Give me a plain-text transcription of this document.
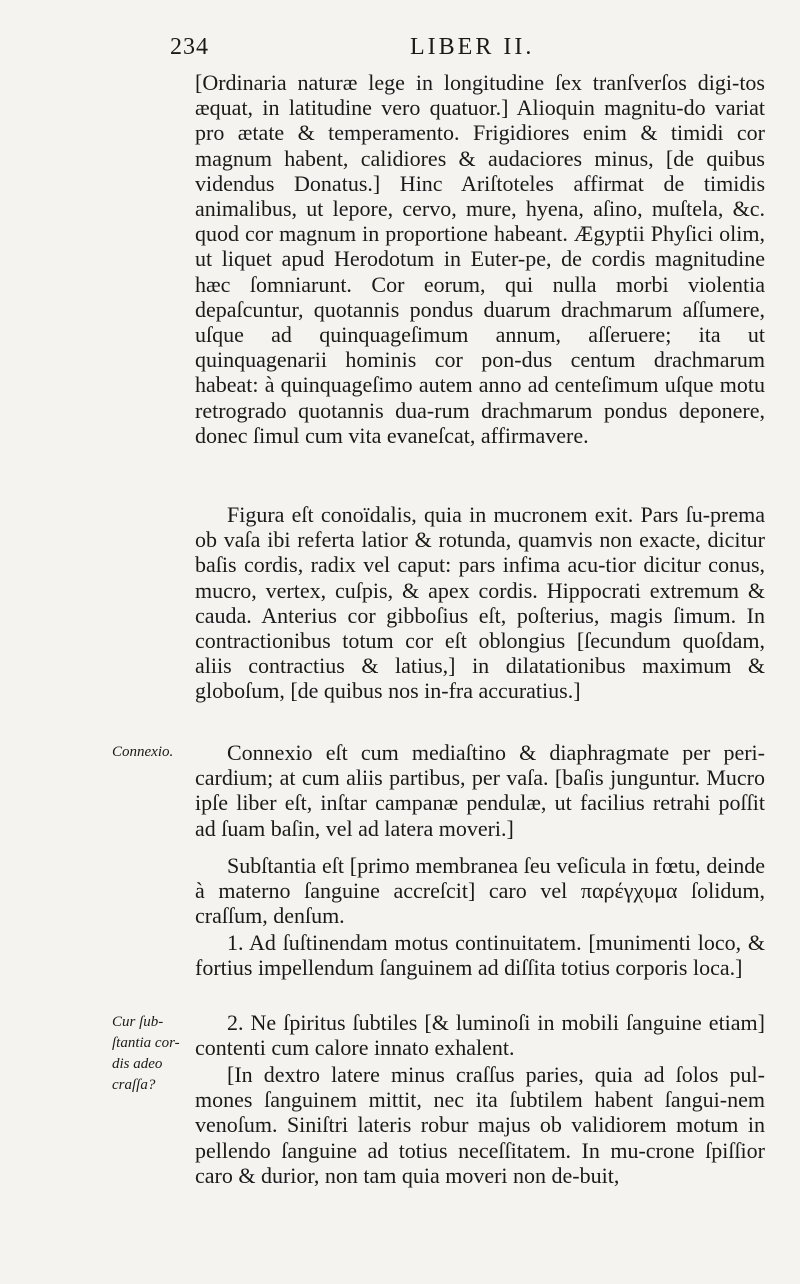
234	LIBER II.

[Ordinaria naturæ lege in longitudine ſex tranſverſos digi-tos æquat, in latitudine vero quatuor.] Alioquin magnitu-do variat pro ætate & temperamento. Frigidiores enim & timidi cor magnum habent, calidiores & audaciores minus, [de quibus videndus Donatus.] Hinc Ariſtoteles affirmat de timidis animalibus, ut lepore, cervo, mure, hyena, aſino, muſtela, &c. quod cor magnum in proportione habeant. Ægyptii Phyſici olim, ut liquet apud Herodotum in Euter-pe, de cordis magnitudine hæc ſomniarunt. Cor eorum, qui nulla morbi violentia depaſcuntur, quotannis pondus duarum drachmarum aſſumere, uſque ad quinquageſimum annum, aſſeruere; ita ut quinquagenarii hominis cor pon-dus centum drachmarum habeat: à quinquageſimo autem anno ad centeſimum uſque motu retrogrado quotannis dua-rum drachmarum pondus deponere, donec ſimul cum vita evaneſcat, affirmavere.

Figura eſt conoïdalis, quia in mucronem exit. Pars ſu-prema ob vaſa ibi referta latior & rotunda, quamvis non exacte, dicitur baſis cordis, radix vel caput: pars infima acu-tior dicitur conus, mucro, vertex, cuſpis, & apex cordis. Hippocrati extremum & cauda. Anterius cor gibboſius eſt, poſterius, magis ſimum. In contractionibus totum cor eſt oblongius [ſecundum quoſdam, aliis contractius & latius,] in dilatationibus maximum & globoſum, [de quibus nos in-fra accuratius.]

Connexio.	Connexio eſt cum mediaſtino & diaphragmate per peri-cardium; at cum aliis partibus, per vaſa. [baſis junguntur. Mucro ipſe liber eſt, inſtar campanæ pendulæ, ut facilius retrahi poſſit ad ſuam baſin, vel ad latera moveri.]

Subſtantia eſt [primo membranea ſeu veſicula in fœtu, deinde à materno ſanguine accreſcit] caro vel παρέγχυμα ſolidum, craſſum, denſum.

1. Ad ſuſtinendam motus continuitatem. [munimenti loco, & fortius impellendum ſanguinem ad diſſita totius corporis loca.]

Cur ſub-
ſtantia cor-
dis adeo
craſſa?

2. Ne ſpiritus ſubtiles [& luminoſi in mobili ſanguine etiam] contenti cum calore innato exhalent.

[In dextro latere minus craſſus paries, quia ad ſolos pul-mones ſanguinem mittit, nec ita ſubtilem habent ſangui-nem venoſum. Siniſtri lateris robur majus ob validiorem motum in pellendo ſanguine ad totius neceſſitatem. In mu-crone ſpiſſior caro & durior, non tam quia moveri non de-buit,
